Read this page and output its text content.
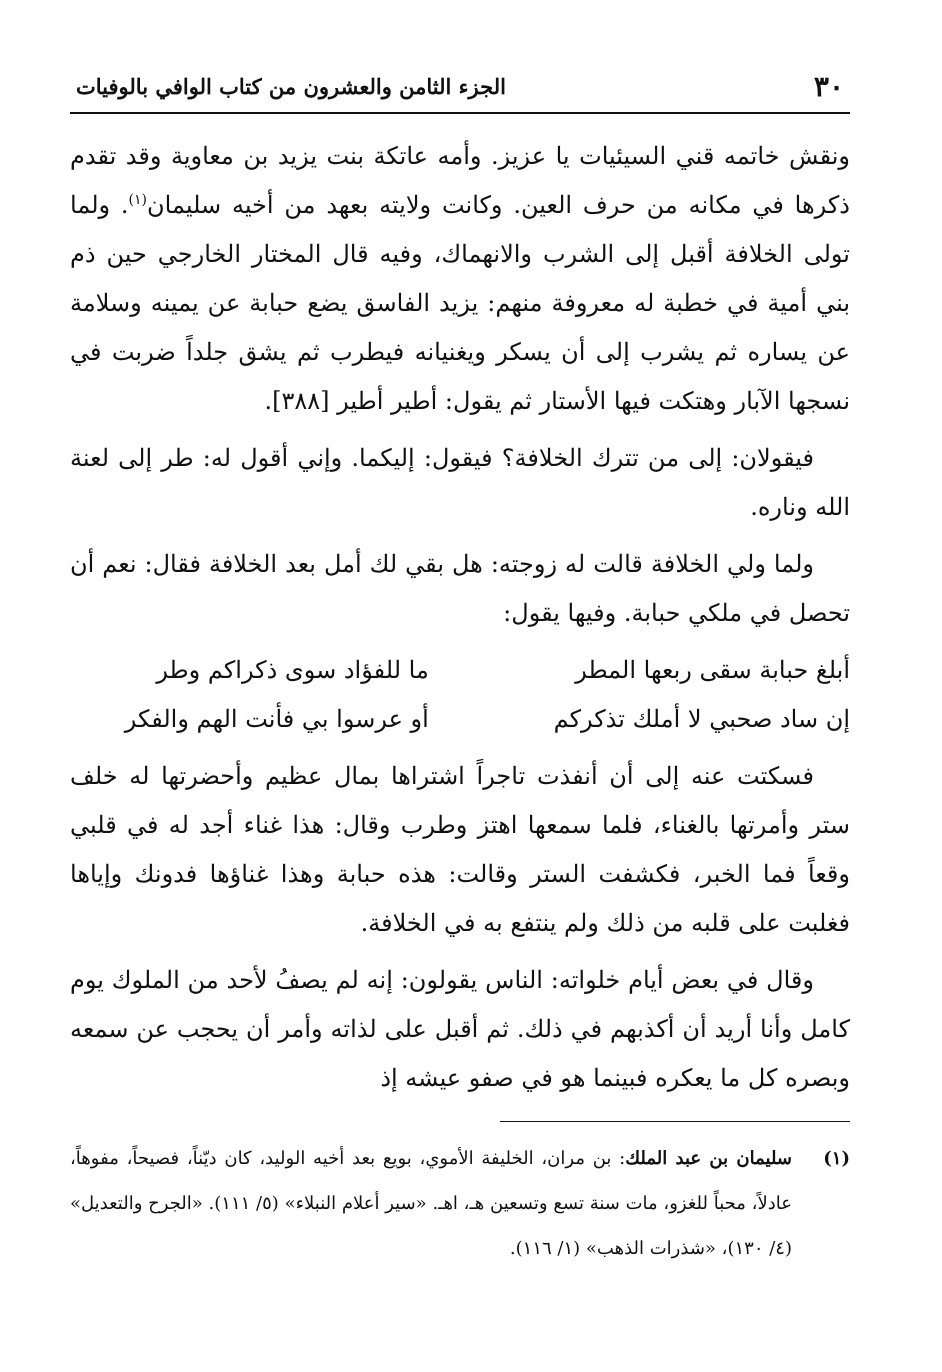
٣٠
الجزء الثامن والعشرون من كتاب الوافي بالوفيات

ونقش خاتمه قني السيئيات يا عزيز. وأمه عاتكة بنت يزيد بن معاوية وقد تقدم ذكرها في مكانه من حرف العين. وكانت ولايته بعهد من أخيه سليمان$^{(١)}$. ولما تولى الخلافة أقبل إلى الشرب والانهماك، وفيه قال المختار الخارجي حين ذم بني أمية في خطبة له معروفة منهم: يزيد الفاسق يضع حبابة عن يمينه وسلامة عن يساره ثم يشرب إلى أن يسكر ويغنيانه فيطرب ثم يشق جلداً ضربت في نسجها الآبار وهتكت فيها الأستار ثم يقول: أطير أطير [٣٨٨].

فيقولان: إلى من تترك الخلافة؟ فيقول: إليكما. وإني أقول له: طر إلى لعنة الله وناره.

ولما ولي الخلافة قالت له زوجته: هل بقي لك أمل بعد الخلافة فقال: نعم أن تحصل في ملكي حبابة. وفيها يقول:

أبلغ حبابة سقى ربعها المطر
ما للفؤاد سوى ذكراكم وطر
إن ساد صحبي لا أملك تذكركم
أو عرسوا بي فأنت الهم والفكر

فسكتت عنه إلى أن أنفذت تاجراً اشتراها بمال عظيم وأحضرتها له خلف ستر وأمرتها بالغناء، فلما سمعها اهتز وطرب وقال: هذا غناء أجد له في قلبي وقعاً فما الخبر، فكشفت الستر وقالت: هذه حبابة وهذا غناؤها فدونك وإياها فغلبت على قلبه من ذلك ولم ينتفع به في الخلافة.

وقال في بعض أيام خلواته: الناس يقولون: إنه لم يصفُ لأحد من الملوك يوم كامل وأنا أريد أن أكذبهم في ذلك. ثم أقبل على لذاته وأمر أن يحجب عن سمعه وبصره كل ما يعكره فبينما هو في صفو عيشه إذ

(١)
سليمان بن عبد الملك: بن مران، الخليفة الأموي، بويع بعد أخيه الوليد، كان ديّناً، فصيحاً، مفوهاً، عادلاً، محباً للغزو، مات سنة تسع وتسعين هـ، اهـ. «سير أعلام النبلاء» (٥/ ١١١). «الجرح والتعديل» (٤/ ١٣٠)، «شذرات الذهب» (١/ ١١٦).
